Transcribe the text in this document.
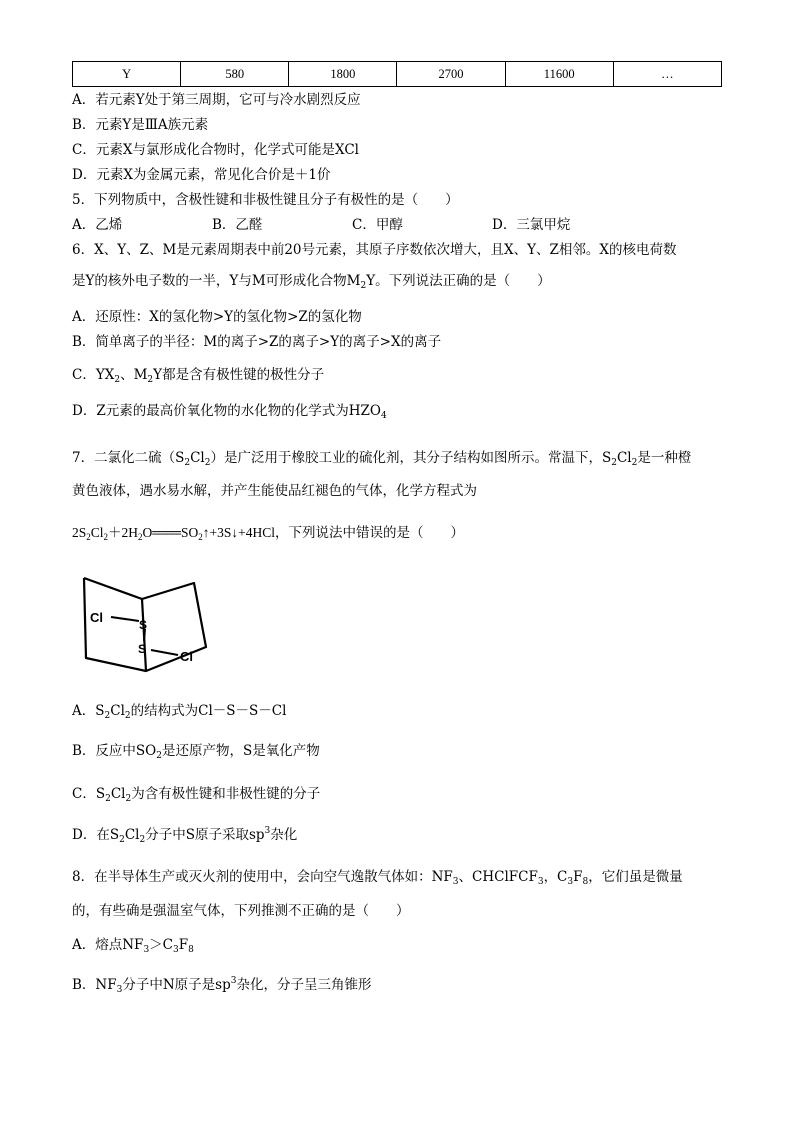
Y	580	1800	2700	11600	…
A．若元素Y处于第三周期，它可与冷水剧烈反应
B．元素Y是ⅢA族元素
C．元素X与氯形成化合物时，化学式可能是XCl
D．元素X为金属元素，常见化合价是＋1价
5．下列物质中，含极性键和非极性键且分子有极性的是（　　）
A．乙烯	B．乙醛	C．甲醇	D．三氯甲烷
6．X、Y、Z、M是元素周期表中前20号元素，其原子序数依次增大，且X、Y、Z相邻。X的核电荷数
是Y的核外电子数的一半，Y与M可形成化合物$M_2Y$。下列说法正确的是（　　）
A．还原性：X的氢化物>Y的氢化物>Z的氢化物
B．简单离子的半径：M的离子>Z的离子>Y的离子>X的离子
C．$YX_2$、$M_2Y$都是含有极性键的极性分子
D．Z元素的最高价氧化物的水化物的化学式为$HZO_4$
7．二氯化二硫$(S_2Cl_2)$是广泛用于橡胶工业的硫化剂，其分子结构如图所示。常温下，$S_2Cl_2$是一种橙
黄色液体，遇水易水解，并产生能使品红褪色的气体，化学方程式为
$2S_2Cl_2+2H_2O═══SO_2↑+3S↓+4HCl$，下列说法中错误的是（　　）
Cl	S
S	Cl
A．$S_2Cl_2$的结构式为Cl－S－S－Cl
B．反应中$SO_2$是还原产物，S是氧化产物
C．$S_2Cl_2$为含有极性键和非极性键的分子
D．在$S_2Cl_2$分子中S原子采取$sp^3$杂化
8．在半导体生产或灭火剂的使用中，会向空气逸散气体如：$NF_3$、CHClFCF$_3$，$C_3F_8$，它们虽是微量
的，有些确是强温室气体，下列推测不正确的是（　　）
A．熔点$NF_3>C_3F_8$
B．$NF_3$分子中N原子是$sp^3$杂化，分子呈三角锥形
